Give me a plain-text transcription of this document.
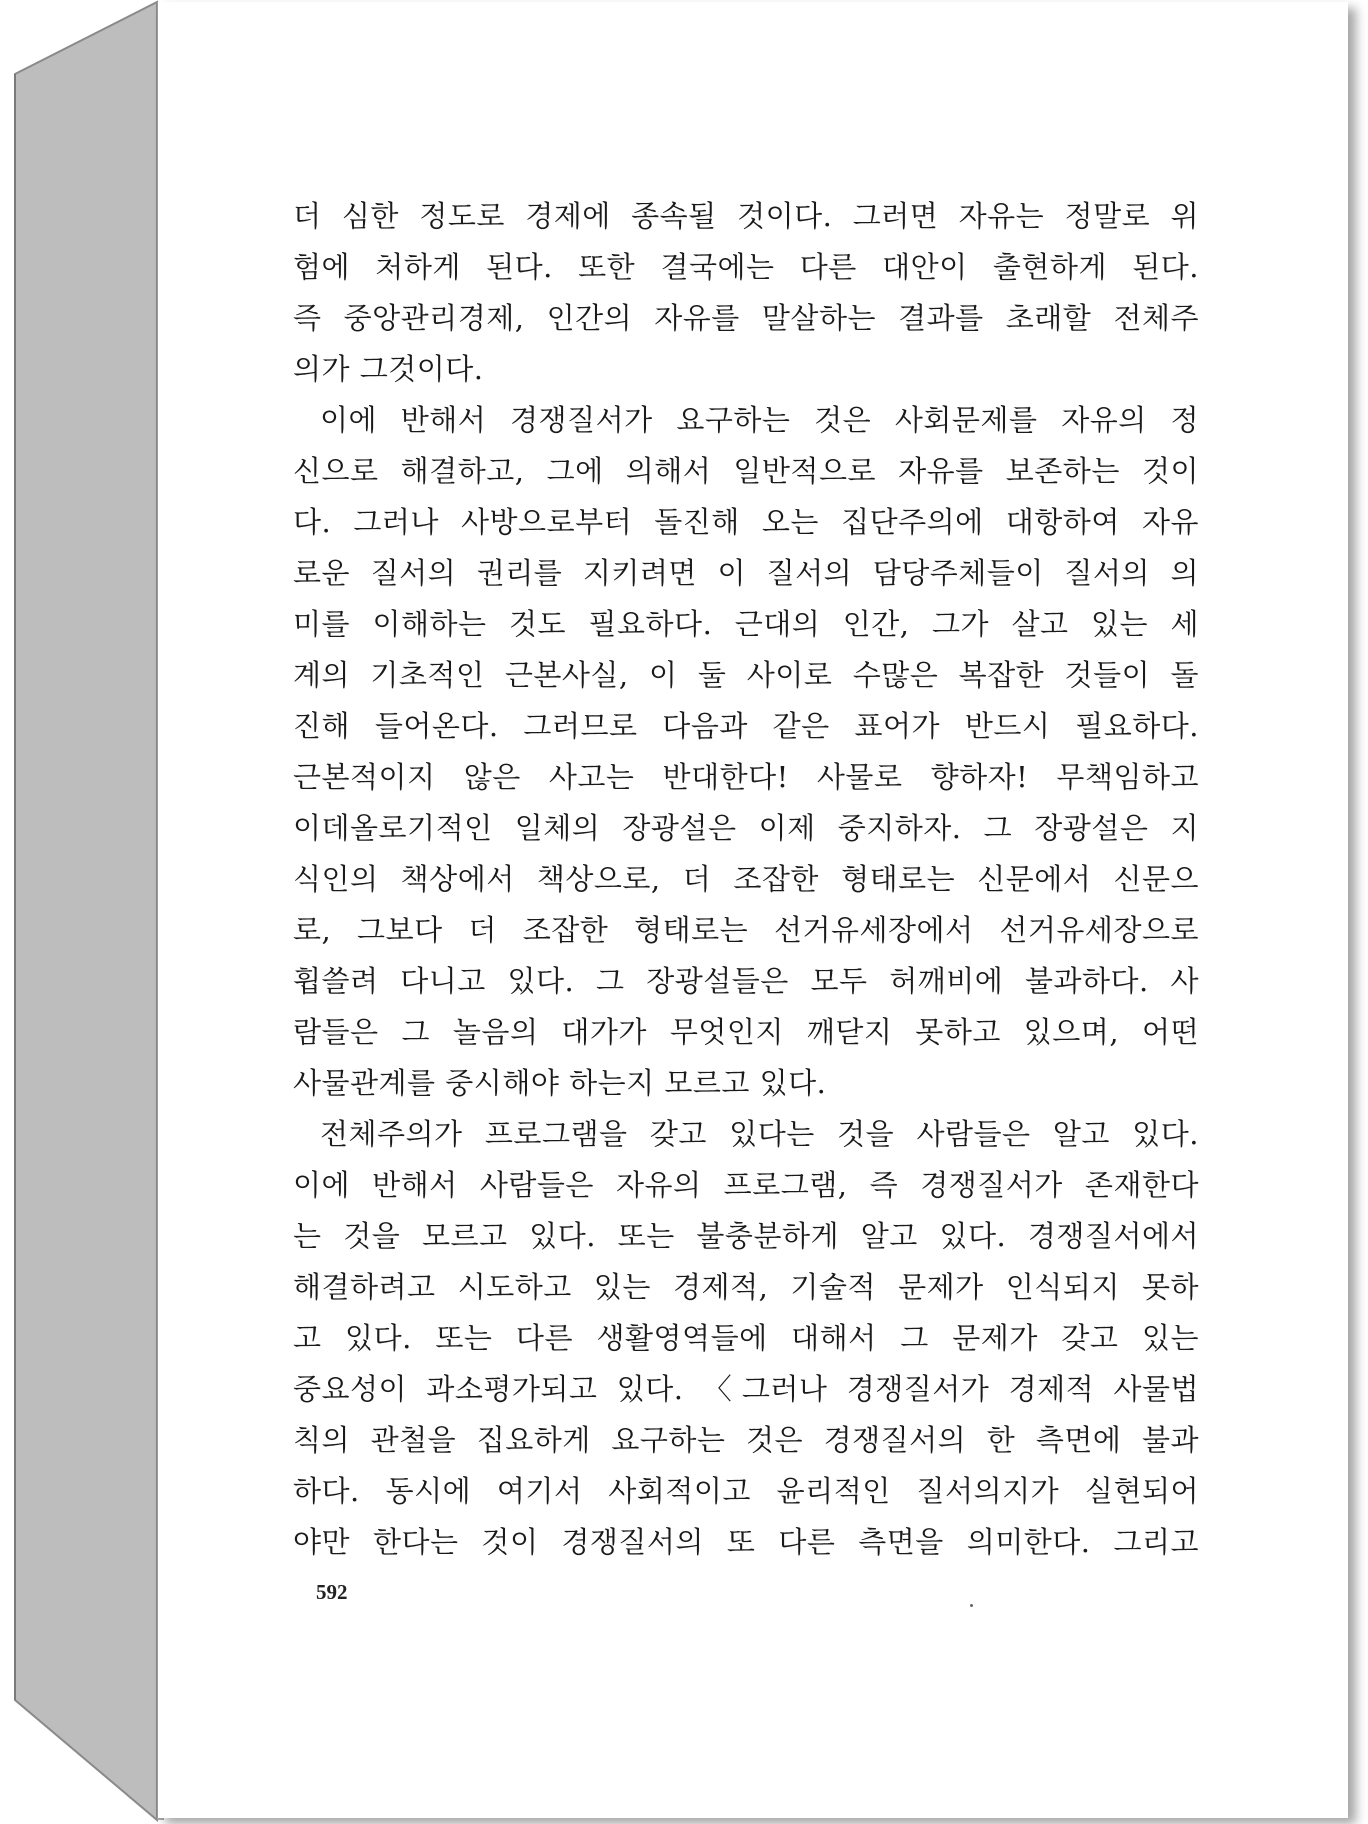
더 심한 정도로 경제에 종속될 것이다. 그러면 자유는 정말로 위
험에 처하게 된다. 또한 결국에는 다른 대안이 출현하게 된다.
즉 중앙관리경제, 인간의 자유를 말살하는 결과를 초래할 전체주
의가 그것이다.
이에 반해서 경쟁질서가 요구하는 것은 사회문제를 자유의 정
신으로 해결하고, 그에 의해서 일반적으로 자유를 보존하는 것이
다. 그러나 사방으로부터 돌진해 오는 집단주의에 대항하여 자유
로운 질서의 권리를 지키려면 이 질서의 담당주체들이 질서의 의
미를 이해하는 것도 필요하다. 근대의 인간, 그가 살고 있는 세
계의 기초적인 근본사실, 이 둘 사이로 수많은 복잡한 것들이 돌
진해 들어온다. 그러므로 다음과 같은 표어가 반드시 필요하다.
근본적이지 않은 사고는 반대한다! 사물로 향하자! 무책임하고
이데올로기적인 일체의 장광설은 이제 중지하자. 그 장광설은 지
식인의 책상에서 책상으로, 더 조잡한 형태로는 신문에서 신문으
로, 그보다 더 조잡한 형태로는 선거유세장에서 선거유세장으로
휩쓸려 다니고 있다. 그 장광설들은 모두 허깨비에 불과하다. 사
람들은 그 놀음의 대가가 무엇인지 깨닫지 못하고 있으며, 어떤
사물관계를 중시해야 하는지 모르고 있다.
전체주의가 프로그램을 갖고 있다는 것을 사람들은 알고 있다.
이에 반해서 사람들은 자유의 프로그램, 즉 경쟁질서가 존재한다
는 것을 모르고 있다. 또는 불충분하게 알고 있다. 경쟁질서에서
해결하려고 시도하고 있는 경제적, 기술적 문제가 인식되지 못하
고 있다. 또는 다른 생활영역들에 대해서 그 문제가 갖고 있는
중요성이 과소평가되고 있다. 〈그러나 경쟁질서가 경제적 사물법
칙의 관철을 집요하게 요구하는 것은 경쟁질서의 한 측면에 불과
하다. 동시에 여기서 사회적이고 윤리적인 질서의지가 실현되어
야만 한다는 것이 경쟁질서의 또 다른 측면을 의미한다. 그리고
592
